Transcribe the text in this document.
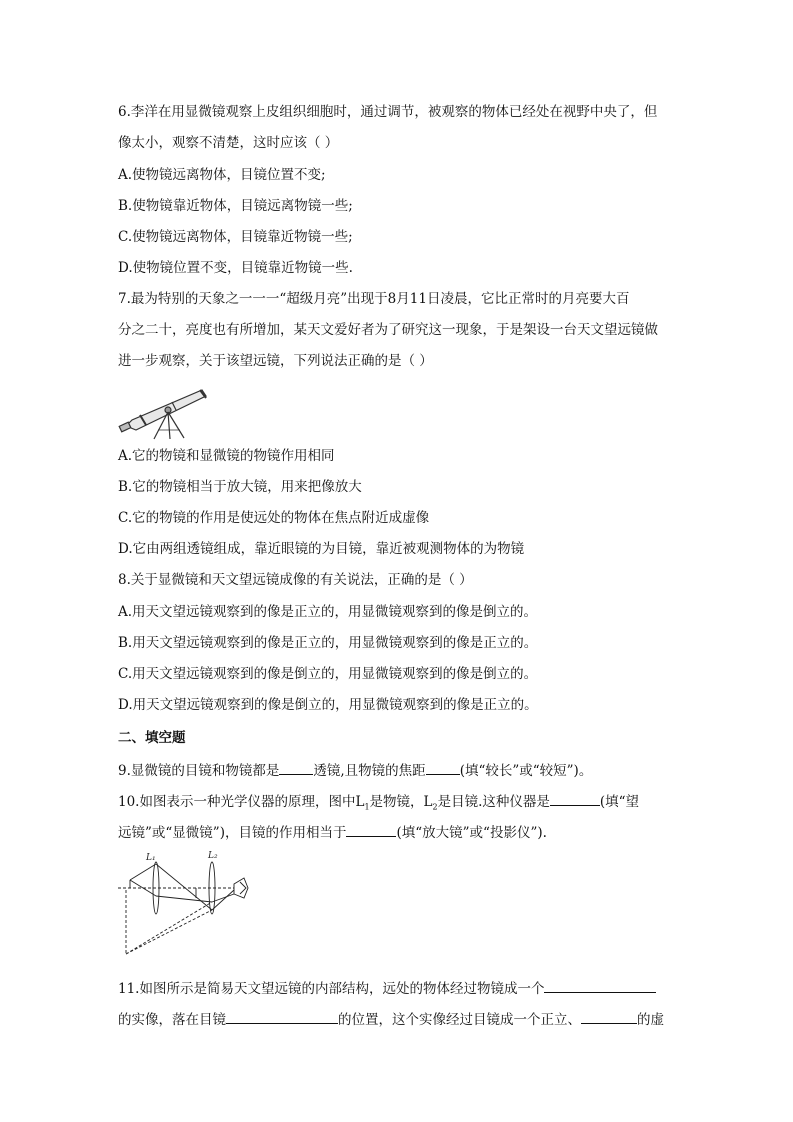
6.李洋在用显微镜观察上皮组织细胞时，通过调节，被观察的物体已经处在视野中央了，但
像太小，观察不清楚，这时应该（ ）
A.使物镜远离物体，目镜位置不变;
B.使物镜靠近物体，目镜远离物镜一些;
C.使物镜远离物体，目镜靠近物镜一些;
D.使物镜位置不变，目镜靠近物镜一些.
7.最为特别的天象之一一一“超级月亮”出现于8月11日凌晨，它比正常时的月亮要大百
分之二十，亮度也有所增加，某天文爱好者为了研究这一现象，于是架设一台天文望远镜做
进一步观察，关于该望远镜，下列说法正确的是（ ）
A.它的物镜和显微镜的物镜作用相同
B.它的物镜相当于放大镜，用来把像放大
C.它的物镜的作用是使远处的物体在焦点附近成虚像
D.它由两组透镜组成，靠近眼镜的为目镜，靠近被观测物体的为物镜
8.关于显微镜和天文望远镜成像的有关说法，正确的是（ ）
A.用天文望远镜观察到的像是正立的，用显微镜观察到的像是倒立的。
B.用天文望远镜观察到的像是正立的，用显微镜观察到的像是正立的。
C.用天文望远镜观察到的像是倒立的，用显微镜观察到的像是倒立的。
D.用天文望远镜观察到的像是倒立的，用显微镜观察到的像是正立的。
二、填空题
9.显微镜的目镜和物镜都是	透镜,且物镜的焦距	(填“较长”或“较短”)。
10.如图表示一种光学仪器的原理，图中$L_1$是物镜，$L_2$是目镜.这种仪器是	(填“望
远镜”或“显微镜”)，目镜的作用相当于	(填“放大镜”或“投影仪”).
L₁	L₂
11.如图所示是简易天文望远镜的内部结构，远处的物体经过物镜成一个
的实像，落在目镜	的位置，这个实像经过目镜成一个正立、	的虚
